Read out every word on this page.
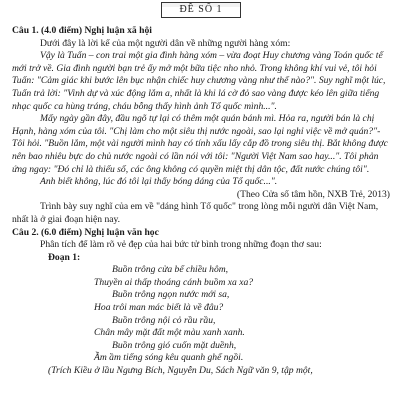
ĐỀ SỐ 1

Câu 1. (4.0 điểm) Nghị luận xã hội

Dưới đây là lời kể của một người dân về những người hàng xóm:

Vậy là Tuấn – con trai một gia đình hàng xóm – vừa đoạt Huy chương vàng Toán quốc tế mới trở về. Gia đình người bạn trẻ ấy mở một bữa tiệc nho nhỏ. Trong không khí vui vẻ, tôi hỏi Tuấn: "Cảm giác khi bước lên bục nhận chiếc huy chương vàng như thế nào?". Suy nghĩ một lúc, Tuấn trả lời: "Vinh dự và xúc động lắm a, nhất là khi lá cờ đỏ sao vàng được kéo lên giữa tiếng nhạc quốc ca hùng tráng, cháu bỗng thấy hình ảnh Tổ quốc mình...".

Mấy ngày gần đây, đầu ngõ tự lại có thêm một quán bánh mì. Hỏa ra, người bán là chị Hạnh, hàng xóm của tôi. "Chị làm cho một siêu thị nước ngoài, sao lại nghỉ việc về mở quán?"- Tôi hỏi. "Buồn lắm, một vài người mình hay có tính xấu lấy cắp đồ trong siêu thị. Bắt không được nên bao nhiêu bực do chủ nước ngoài có lần nói với tôi: "Người Việt Nam sao hay...". Tôi phản ứng ngay: "Đó chỉ là thiểu số, các ông không có quyền miệt thị dân tộc, đất nước chúng tôi".

Anh biết không, lúc đó tôi lại thấy bóng dáng của Tổ quốc...".

(Theo Cửa sổ tâm hồn, NXB Trẻ, 2013)

Trình bày suy nghĩ của em về "dáng hình Tổ quốc" trong lòng mỗi người dân Việt Nam, nhất là ở giai đoạn hiện nay.

Câu 2. (6.0 điểm) Nghị luận văn học

Phân tích để làm rõ vẻ đẹp của hai bức tử bình trong những đoạn thơ sau:

Đoạn 1:

Buồn trông cửa bể chiều hôm,

Thuyền ai thấp thoáng cánh buồm xa xa?

Buồn trông ngọn nước mới sa,

Hoa trôi man mác biết là về đâu?

Buồn trông nội cỏ rầu rầu,

Chân mây mặt đất một màu xanh xanh.

Buồn trông gió cuốn mặt duềnh,

Ầm ầm tiếng sóng kêu quanh ghế ngồi.

(Trích Kiều ở lầu Ngưng Bích, Nguyễn Du, Sách Ngữ văn 9, tập một,
